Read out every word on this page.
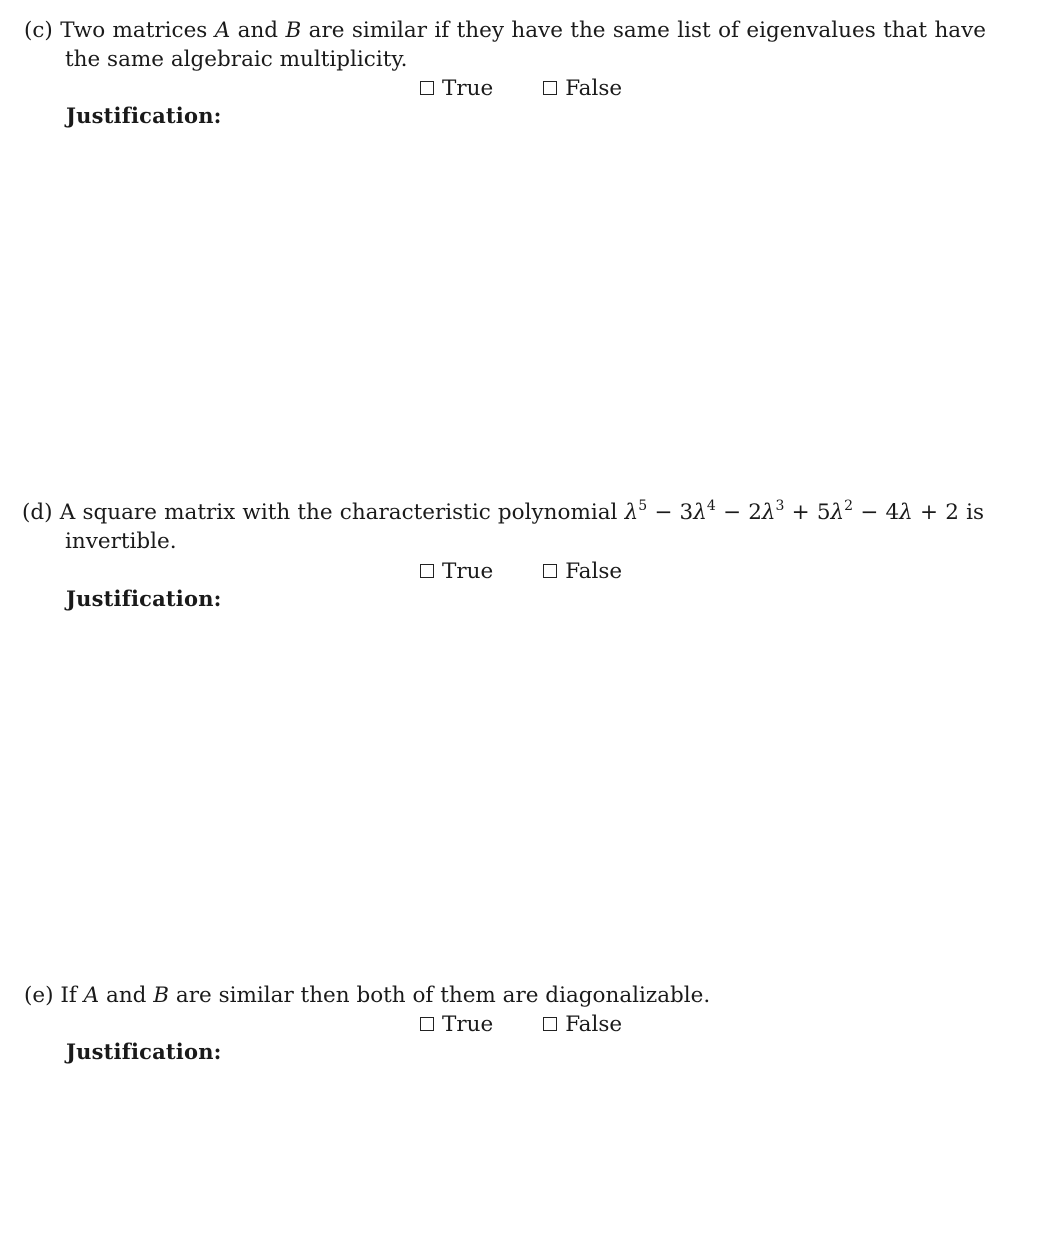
(c) Two matrices A and B are similar if they have the same list of eigenvalues that have
the same algebraic multiplicity.
True	False
Justification:
(d) A square matrix with the characteristic polynomial $\lambda^5 - 3\lambda^4 - 2\lambda^3 + 5\lambda^2 - 4\lambda + 2$ is
invertible.
True	False
Justification:
(e) If A and B are similar then both of them are diagonalizable.
True	False
Justification:
